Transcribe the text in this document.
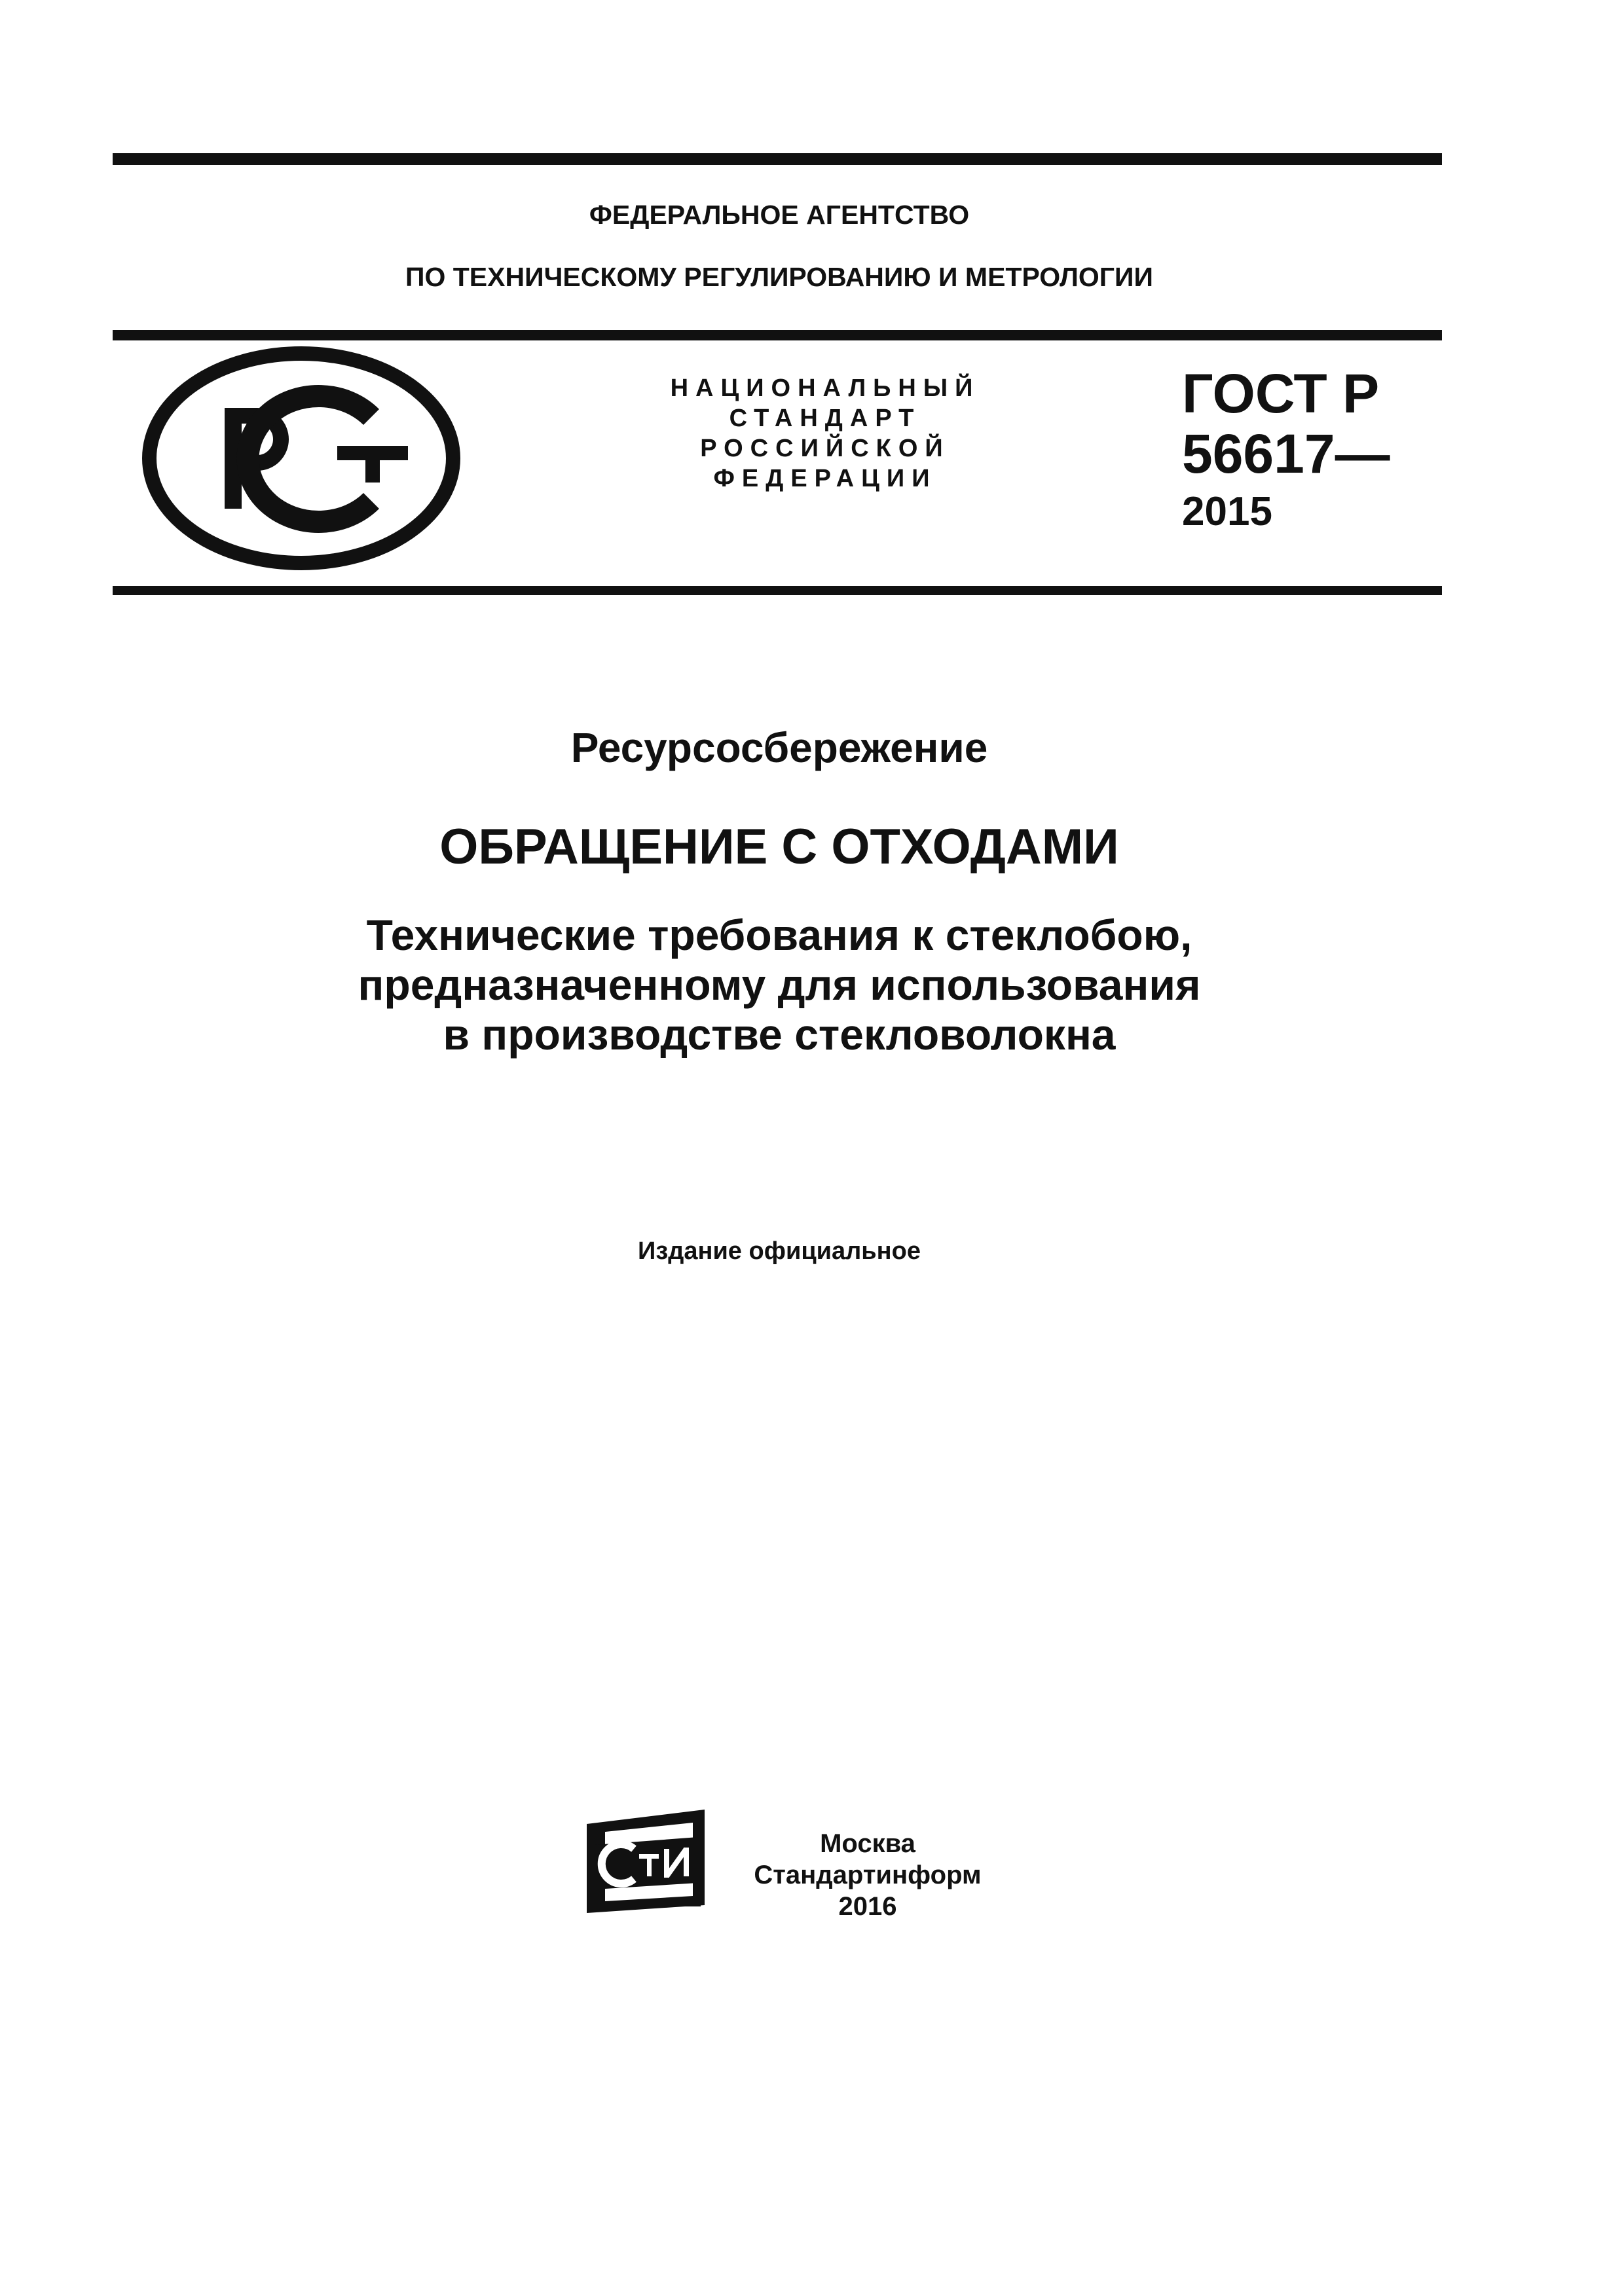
ФЕДЕРАЛЬНОЕ АГЕНТСТВО
ПО ТЕХНИЧЕСКОМУ РЕГУЛИРОВАНИЮ И МЕТРОЛОГИИ
РСТ
НАЦИОНАЛЬНЫЙ
СТАНДАРТ
РОССИЙСКОЙ
ФЕДЕРАЦИИ
ГОСТ Р
56617—
2015
Ресурсосбережение
ОБРАЩЕНИЕ С ОТХОДАМИ
Технические требования к стеклобою,
предназначенному для использования
в производстве стекловолокна
Издание официальное
СтИ
Москва
Стандартинформ
2016
